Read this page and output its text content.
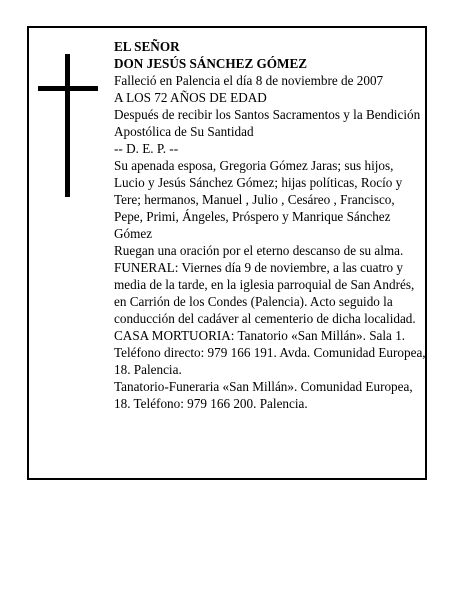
EL SEÑOR

DON JESÚS SÁNCHEZ GÓMEZ

Falleció en Palencia el día 8 de noviembre de 2007

A LOS 72 AÑOS DE EDAD

Después de recibir los Santos Sacramentos y la Bendición Apostólica de Su Santidad

-- D. E. P. --

Su apenada esposa, Gregoria Gómez Jaras; sus hijos, Lucio y Jesús Sánchez Gómez; hijas políticas, Rocío y Tere; hermanos, Manuel , Julio , Cesáreo , Francisco, Pepe, Primi, Ángeles, Próspero y Manrique Sánchez Gómez

Ruegan una oración por el eterno descanso de su alma.

FUNERAL: Viernes día 9 de noviembre, a las cuatro y media de la tarde, en la iglesia parroquial de San Andrés, en Carrión de los Condes (Palencia). Acto seguido la conducción del cadáver al cementerio de dicha localidad.

CASA MORTUORIA: Tanatorio «San Millán». Sala 1. Teléfono directo: 979 166 191. Avda. Comunidad Europea, 18. Palencia.

Tanatorio-Funeraria «San Millán». Comunidad Europea, 18. Teléfono: 979 166 200. Palencia.
